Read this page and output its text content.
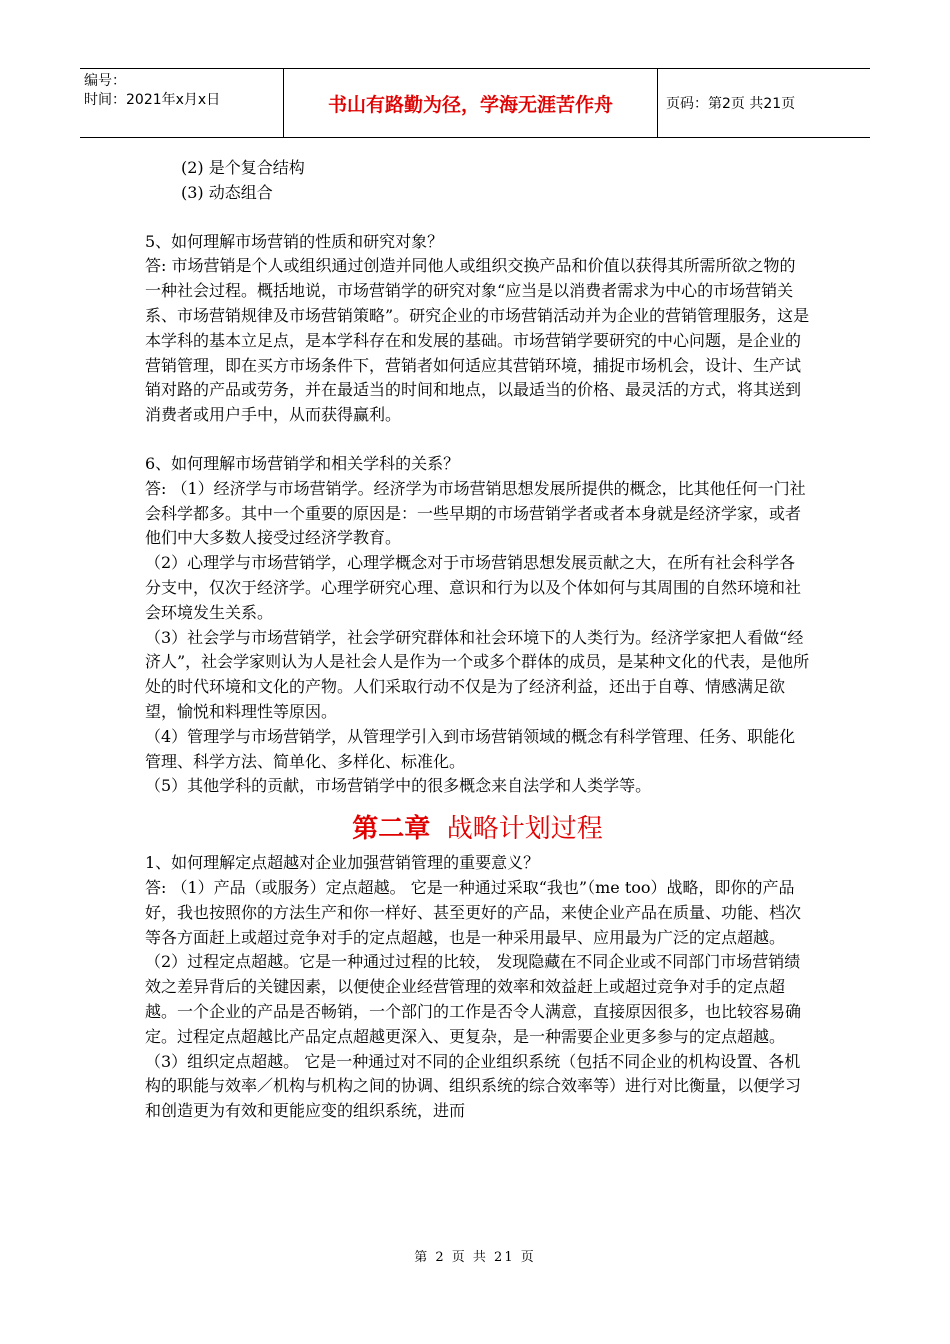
编号：
时间：2021年x月x日	书山有路勤为径，学海无涯苦作舟	页码：第2页 共21页

(2) 是个复合结构

(3) 动态组合

5、如何理解市场营销的性质和研究对象？

答: 市场营销是个人或组织通过创造并同他人或组织交换产品和价值以获得其所需所欲之物的一种社会过程。概括地说，市场营销学的研究对象“应当是以消费者需求为中心的市场营销关系、市场营销规律及市场营销策略”。研究企业的市场营销活动并为企业的营销管理服务，这是本学科的基本立足点，是本学科存在和发展的基础。市场营销学要研究的中心问题，是企业的营销管理，即在买方市场条件下，营销者如何适应其营销环境，捕捉市场机会，设计、生产试销对路的产品或劳务，并在最适当的时间和地点，以最适当的价格、最灵活的方式，将其送到消费者或用户手中，从而获得赢利。

6、如何理解市场营销学和相关学科的关系？

答: （1）经济学与市场营销学。经济学为市场营销思想发展所提供的概念，比其他任何一门社会科学都多。其中一个重要的原因是：一些早期的市场营销学者或者本身就是经济学家，或者他们中大多数人接受过经济学教育。

（2）心理学与市场营销学，心理学概念对于市场营销思想发展贡献之大，在所有社会科学各分支中，仅次于经济学。心理学研究心理、意识和行为以及个体如何与其周围的自然环境和社会环境发生关系。

（3）社会学与市场营销学，社会学研究群体和社会环境下的人类行为。经济学家把人看做“经济人”，社会学家则认为人是社会人是作为一个或多个群体的成员，是某种文化的代表，是他所处的时代环境和文化的产物。人们采取行动不仅是为了经济利益，还出于自尊、情感满足欲望，愉悦和料理性等原因。

（4）管理学与市场营销学，从管理学引入到市场营销领域的概念有科学管理、任务、职能化管理、科学方法、简单化、多样化、标准化。

（5）其他学科的贡献，市场营销学中的很多概念来自法学和人类学等。

第二章 战略计划过程

1、如何理解定点超越对企业加强营销管理的重要意义？

答: （1）产品（或服务）定点超越。 它是一种通过采取“我也”（me too）战略，即你的产品好，我也按照你的方法生产和你一样好、甚至更好的产品，来使企业产品在质量、功能、档次等各方面赶上或超过竞争对手的定点超越，也是一种采用最早、应用最为广泛的定点超越。

（2）过程定点超越。它是一种通过过程的比较， 发现隐藏在不同企业或不同部门市场营销绩效之差异背后的关键因素，以便使企业经营管理的效率和效益赶上或超过竞争对手的定点超越。一个企业的产品是否畅销，一个部门的工作是否令人满意，直接原因很多，也比较容易确定。过程定点超越比产品定点超越更深入、更复杂，是一种需要企业更多参与的定点超越。

（3）组织定点超越。 它是一种通过对不同的企业组织系统（包括不同企业的机构设置、各机构的职能与效率／机构与机构之间的协调、组织系统的综合效率等）进行对比衡量，以便学习和创造更为有效和更能应变的组织系统，进而

第 2 页 共 21 页
